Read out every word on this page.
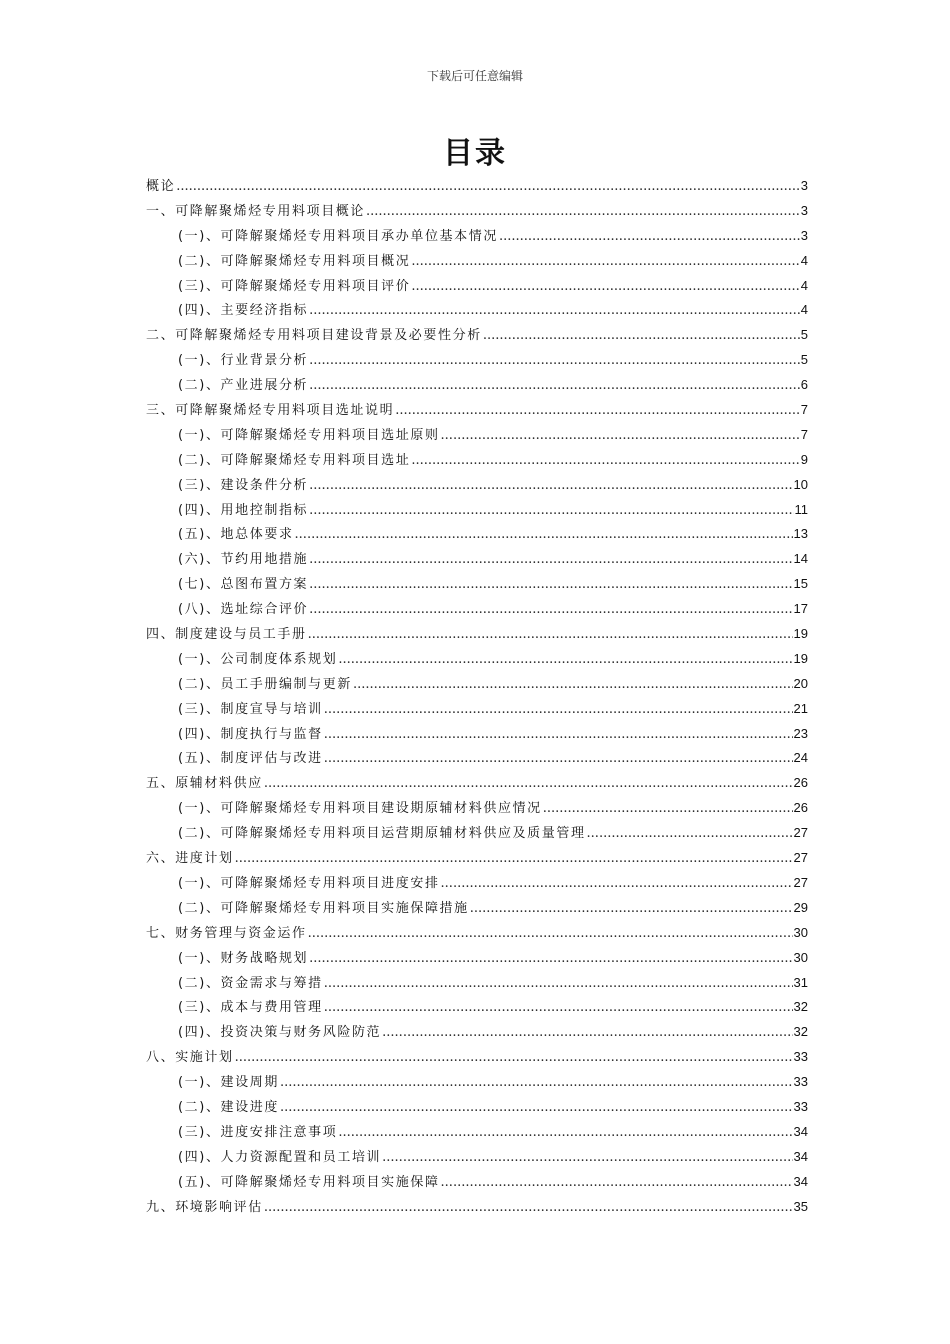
下载后可任意编辑
目录
概论 .....	3
一、可降解聚烯烃专用料项目概论 .....	3
(一)、可降解聚烯烃专用料项目承办单位基本情况 .....	3
(二)、可降解聚烯烃专用料项目概况 .....	4
(三)、可降解聚烯烃专用料项目评价 .....	4
(四)、主要经济指标 .....	4
二、可降解聚烯烃专用料项目建设背景及必要性分析 .....	5
(一)、行业背景分析 .....	5
(二)、产业进展分析 .....	6
三、可降解聚烯烃专用料项目选址说明 .....	7
(一)、可降解聚烯烃专用料项目选址原则 .....	7
(二)、可降解聚烯烃专用料项目选址 .....	9
(三)、建设条件分析 .....	10
(四)、用地控制指标 .....	11
(五)、地总体要求 .....	13
(六)、节约用地措施 .....	14
(七)、总图布置方案 .....	15
(八)、选址综合评价 .....	17
四、制度建设与员工手册 .....	19
(一)、公司制度体系规划 .....	19
(二)、员工手册编制与更新 .....	20
(三)、制度宣导与培训 .....	21
(四)、制度执行与监督 .....	23
(五)、制度评估与改进 .....	24
五、原辅材料供应 .....	26
(一)、可降解聚烯烃专用料项目建设期原辅材料供应情况 .....	26
(二)、可降解聚烯烃专用料项目运营期原辅材料供应及质量管理 .....	27
六、进度计划 .....	27
(一)、可降解聚烯烃专用料项目进度安排 .....	27
(二)、可降解聚烯烃专用料项目实施保障措施 .....	29
七、财务管理与资金运作 .....	30
(一)、财务战略规划 .....	30
(二)、资金需求与筹措 .....	31
(三)、成本与费用管理 .....	32
(四)、投资决策与财务风险防范 .....	32
八、实施计划 .....	33
(一)、建设周期 .....	33
(二)、建设进度 .....	33
(三)、进度安排注意事项 .....	34
(四)、人力资源配置和员工培训 .....	34
(五)、可降解聚烯烃专用料项目实施保障 .....	34
九、环境影响评估 .....	35
